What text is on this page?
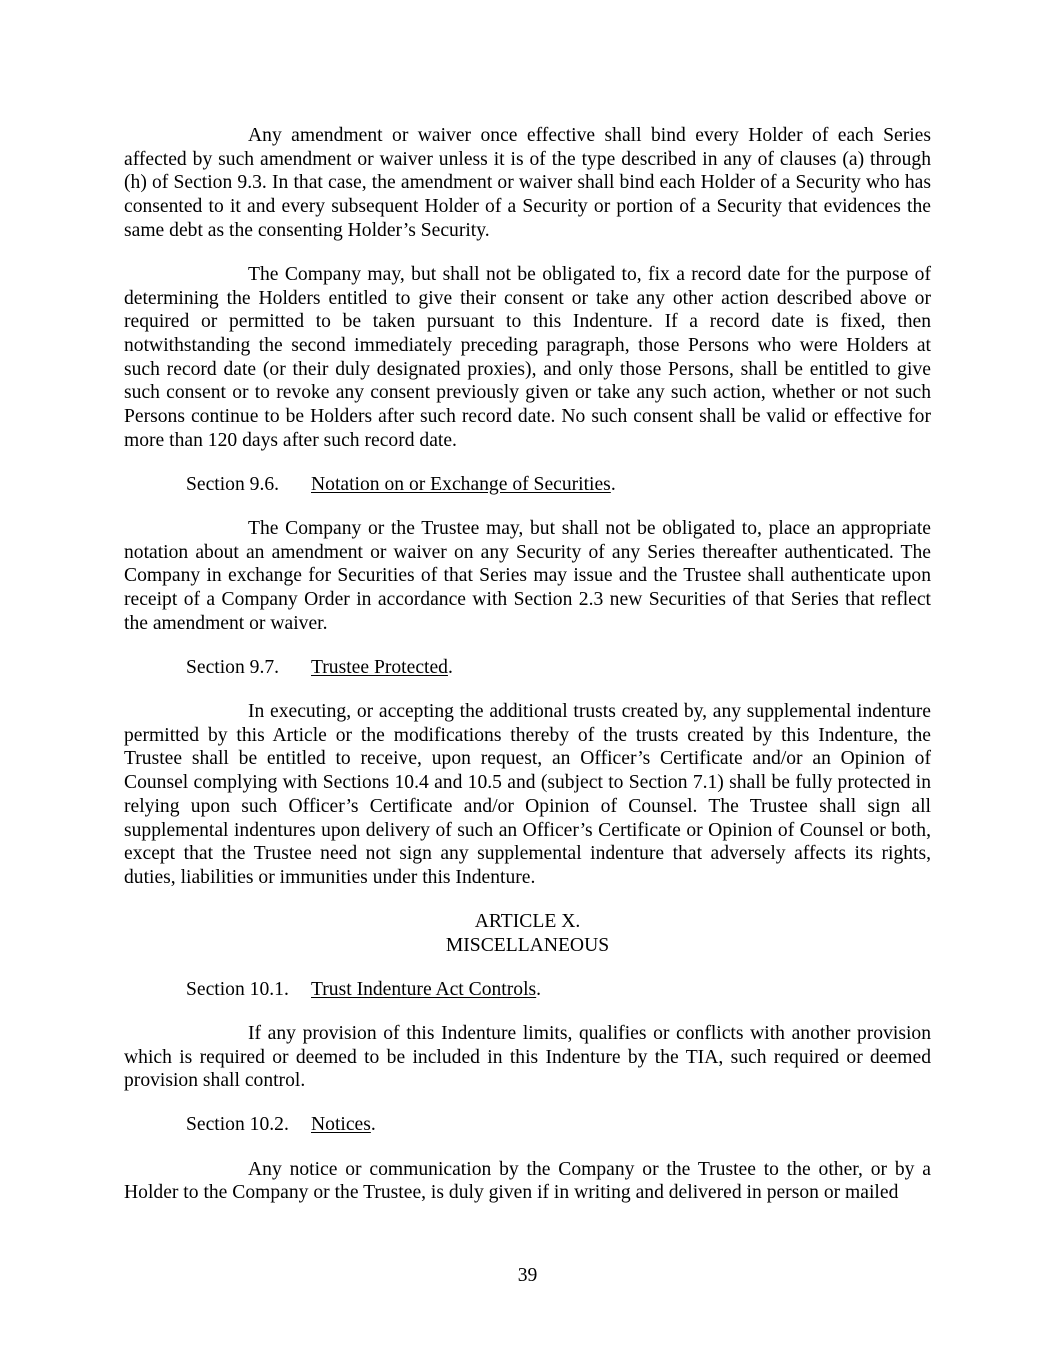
Any amendment or waiver once effective shall bind every Holder of each Series affected by such amendment or waiver unless it is of the type described in any of clauses (a) through (h) of Section 9.3. In that case, the amendment or waiver shall bind each Holder of a Security who has consented to it and every subsequent Holder of a Security or portion of a Security that evidences the same debt as the consenting Holder’s Security.

The Company may, but shall not be obligated to, fix a record date for the purpose of determining the Holders entitled to give their consent or take any other action described above or required or permitted to be taken pursuant to this Indenture. If a record date is fixed, then notwithstanding the second immediately preceding paragraph, those Persons who were Holders at such record date (or their duly designated proxies), and only those Persons, shall be entitled to give such consent or to revoke any consent previously given or take any such action, whether or not such Persons continue to be Holders after such record date. No such consent shall be valid or effective for more than 120 days after such record date.

Section 9.6. Notation on or Exchange of Securities.

The Company or the Trustee may, but shall not be obligated to, place an appropriate notation about an amendment or waiver on any Security of any Series thereafter authenticated. The Company in exchange for Securities of that Series may issue and the Trustee shall authenticate upon receipt of a Company Order in accordance with Section 2.3 new Securities of that Series that reflect the amendment or waiver.

Section 9.7. Trustee Protected.

In executing, or accepting the additional trusts created by, any supplemental indenture permitted by this Article or the modifications thereby of the trusts created by this Indenture, the Trustee shall be entitled to receive, upon request, an Officer’s Certificate and/or an Opinion of Counsel complying with Sections 10.4 and 10.5 and (subject to Section 7.1) shall be fully protected in relying upon such Officer’s Certificate and/or Opinion of Counsel. The Trustee shall sign all supplemental indentures upon delivery of such an Officer’s Certificate or Opinion of Counsel or both, except that the Trustee need not sign any supplemental indenture that adversely affects its rights, duties, liabilities or immunities under this Indenture.

ARTICLE X.
MISCELLANEOUS
Section 10.1. Trust Indenture Act Controls.

If any provision of this Indenture limits, qualifies or conflicts with another provision which is required or deemed to be included in this Indenture by the TIA, such required or deemed provision shall control.

Section 10.2. Notices.

Any notice or communication by the Company or the Trustee to the other, or by a Holder to the Company or the Trustee, is duly given if in writing and delivered in person or mailed

39
